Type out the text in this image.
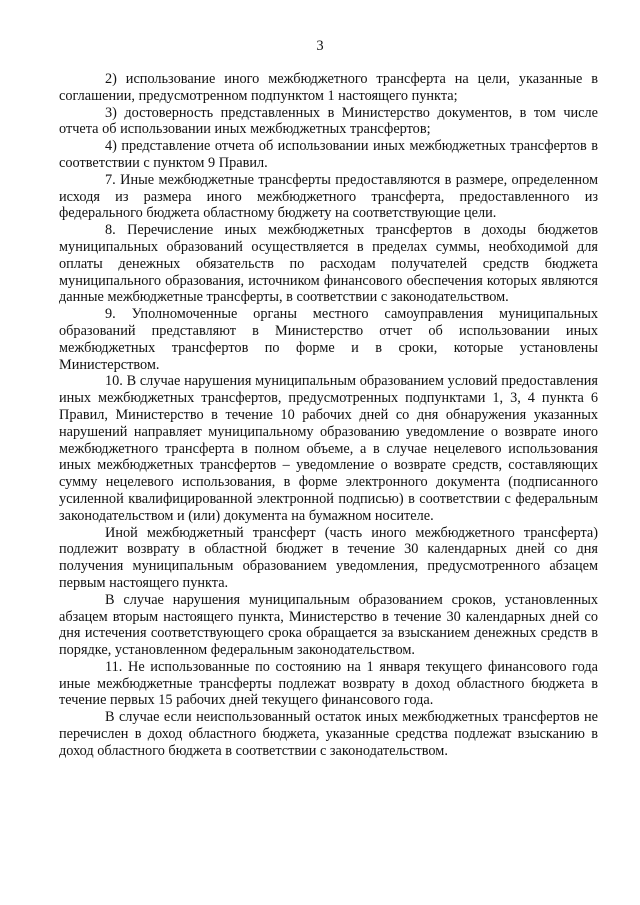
3

2) использование иного межбюджетного трансферта на цели, указанные в соглашении, предусмотренном подпунктом 1 настоящего пункта;

3) достоверность представленных в Министерство документов, в том числе отчета об использовании иных межбюджетных трансфертов;

4) представление отчета об использовании иных межбюджетных трансфертов в соответствии с пунктом 9 Правил.

7. Иные межбюджетные трансферты предоставляются в размере, определенном исходя из размера иного межбюджетного трансферта, предоставленного из федерального бюджета областному бюджету на соответствующие цели.

8. Перечисление иных межбюджетных трансфертов в доходы бюджетов муниципальных образований осуществляется в пределах суммы, необходимой для оплаты денежных обязательств по расходам получателей средств бюджета муниципального образования, источником финансового обеспечения которых являются данные межбюджетные трансферты, в соответствии с законодательством.

9. Уполномоченные органы местного самоуправления муниципальных образований представляют в Министерство отчет об использовании иных межбюджетных трансфертов по форме и в сроки, которые установлены Министерством.

10. В случае нарушения муниципальным образованием условий предоставления иных межбюджетных трансфертов, предусмотренных подпунктами 1, 3, 4 пункта 6 Правил, Министерство в течение 10 рабочих дней со дня обнаружения указанных нарушений направляет муниципальному образованию уведомление о возврате иного межбюджетного трансферта в полном объеме, а в случае нецелевого использования иных межбюджетных трансфертов – уведомление о возврате средств, составляющих сумму нецелевого использования, в форме электронного документа (подписанного усиленной квалифицированной электронной подписью) в соответствии с федеральным законодательством и (или) документа на бумажном носителе.

Иной межбюджетный трансферт (часть иного межбюджетного трансферта) подлежит возврату в областной бюджет в течение 30 календарных дней со дня получения муниципальным образованием уведомления, предусмотренного абзацем первым настоящего пункта.

В случае нарушения муниципальным образованием сроков, установленных абзацем вторым настоящего пункта, Министерство в течение 30 календарных дней со дня истечения соответствующего срока обращается за взысканием денежных средств в порядке, установленном федеральным законодательством.

11. Не использованные по состоянию на 1 января текущего финансового года иные межбюджетные трансферты подлежат возврату в доход областного бюджета в течение первых 15 рабочих дней текущего финансового года.

В случае если неиспользованный остаток иных межбюджетных трансфертов не перечислен в доход областного бюджета, указанные средства подлежат взысканию в доход областного бюджета в соответствии с законодательством.
